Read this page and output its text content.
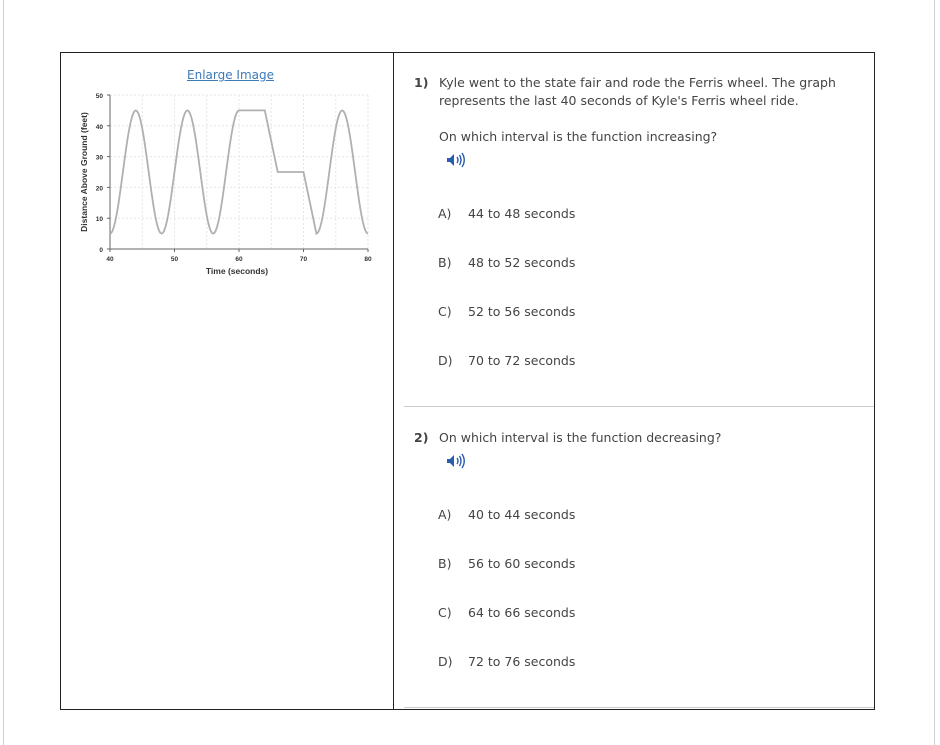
Enlarge Image
0
10
20
30
40
50
40	50	60	70	80
Distance Above Ground (feet)
Time (seconds)
1) Kyle went to the state fair and rode the Ferris wheel. The graph represents the last 40 seconds of Kyle's Ferris wheel ride.
On which interval is the function increasing?
A) 44 to 48 seconds
B) 48 to 52 seconds
C) 52 to 56 seconds
D) 70 to 72 seconds
2) On which interval is the function decreasing?
A) 40 to 44 seconds
B) 56 to 60 seconds
C) 64 to 66 seconds
D) 72 to 76 seconds
